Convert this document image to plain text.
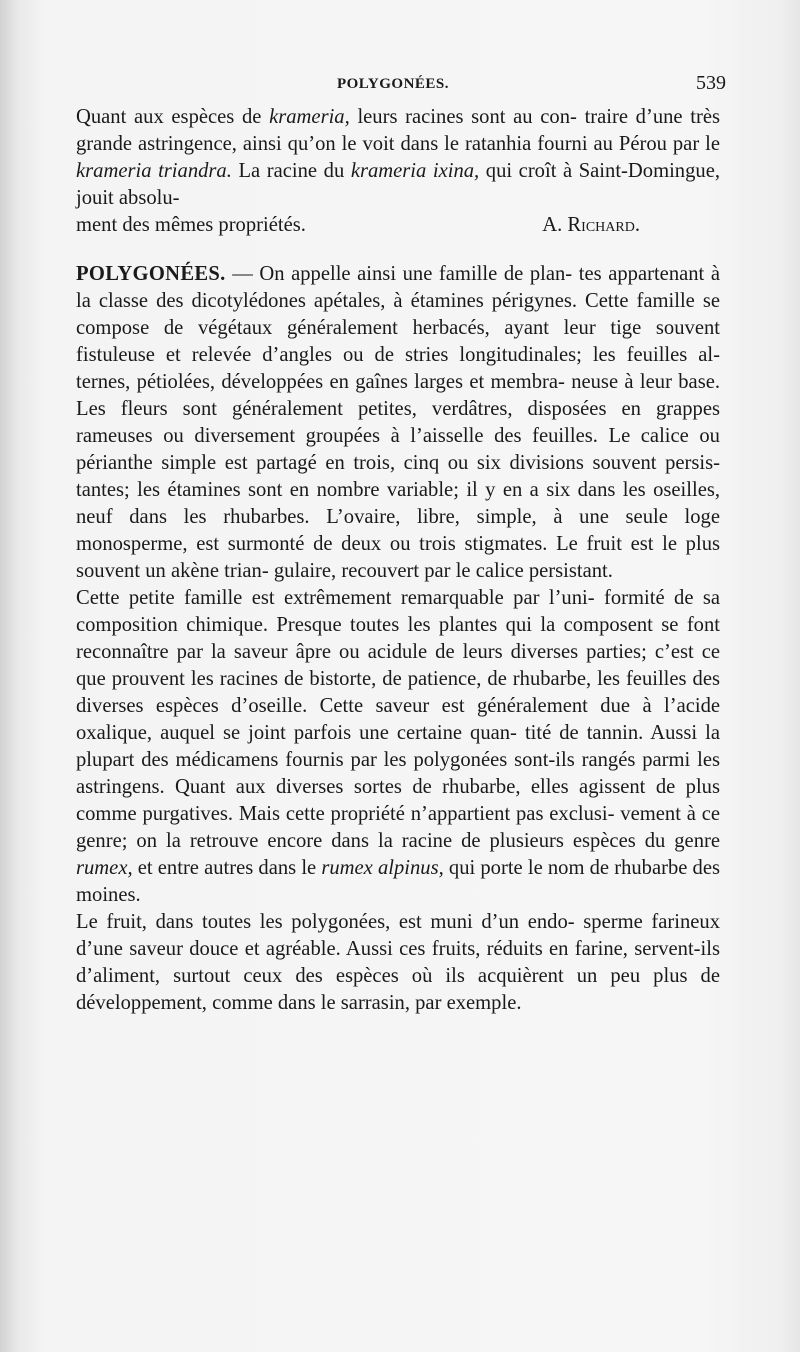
POLYGONÉES.	539

Quant aux espèces de krameria, leurs racines sont au con- traire d’une très grande astringence, ainsi qu’on le voit dans le ratanhia fourni au Pérou par le krameria triandra. La racine du krameria ixina, qui croît à Saint-Domingue, jouit absolu-

ment des mêmes propriétés.	A. Richard.

POLYGONÉES. — On appelle ainsi une famille de plan- tes appartenant à la classe des dicotylédones apétales, à étamines périgynes. Cette famille se compose de végétaux généralement herbacés, ayant leur tige souvent fistuleuse et relevée d’angles ou de stries longitudinales; les feuilles al- ternes, pétiolées, développées en gaînes larges et membra- neuse à leur base. Les fleurs sont généralement petites, verdâtres, disposées en grappes rameuses ou diversement groupées à l’aisselle des feuilles. Le calice ou périanthe simple est partagé en trois, cinq ou six divisions souvent persis- tantes; les étamines sont en nombre variable; il y en a six dans les oseilles, neuf dans les rhubarbes. L’ovaire, libre, simple, à une seule loge monosperme, est surmonté de deux ou trois stigmates. Le fruit est le plus souvent un akène trian- gulaire, recouvert par le calice persistant.

Cette petite famille est extrêmement remarquable par l’uni- formité de sa composition chimique. Presque toutes les plantes qui la composent se font reconnaître par la saveur âpre ou acidule de leurs diverses parties; c’est ce que prouvent les racines de bistorte, de patience, de rhubarbe, les feuilles des diverses espèces d’oseille. Cette saveur est généralement due à l’acide oxalique, auquel se joint parfois une certaine quan- tité de tannin. Aussi la plupart des médicamens fournis par les polygonées sont-ils rangés parmi les astringens. Quant aux diverses sortes de rhubarbe, elles agissent de plus comme purgatives. Mais cette propriété n’appartient pas exclusi- vement à ce genre; on la retrouve encore dans la racine de plusieurs espèces du genre rumex, et entre autres dans le rumex alpinus, qui porte le nom de rhubarbe des moines.

Le fruit, dans toutes les polygonées, est muni d’un endo- sperme farineux d’une saveur douce et agréable. Aussi ces fruits, réduits en farine, servent-ils d’aliment, surtout ceux des espèces où ils acquièrent un peu plus de développement, comme dans le sarrasin, par exemple.
